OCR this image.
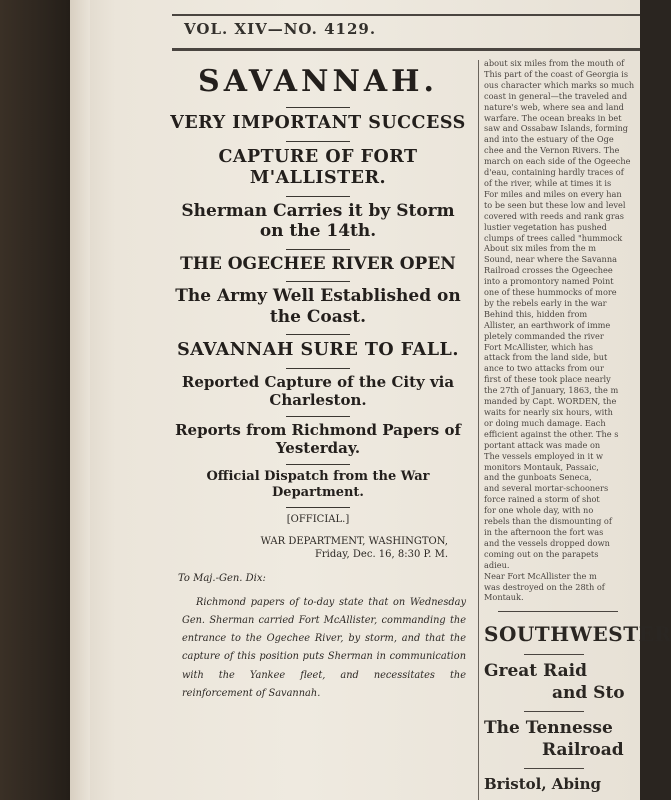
VOL. XIV—NO. 4129.

SAVANNAH.

VERY IMPORTANT SUCCESS

CAPTURE OF FORT M'ALLISTER.

Sherman Carries it by Storm on the 14th.

THE OGECHEE RIVER OPEN

The Army Well Established on the Coast.

SAVANNAH SURE TO FALL.

Reported Capture of the City via Charleston.

Reports from Richmond Papers of Yesterday.

Official Dispatch from the War Department.

[OFFICIAL.]

WAR DEPARTMENT, WASHINGTON,
Friday, Dec. 16, 8:30 P. M.

To Maj.-Gen. Dix:

Richmond papers of to-day state that on Wednesday Gen. Sherman carried Fort McAllister, commanding the entrance to the Ogechee River, by storm, and that the capture of this position puts Sherman in communication with the Yankee fleet, and necessitates the reinforcement of Savannah.

about six miles from the mouth of

This part of the coast of Georgia is

ous character which marks so much

coast in general—the traveled and

nature's web, where sea and land

warfare. The ocean breaks in bet

saw and Ossabaw Islands, forming

and into the estuary of the Oge

chee and the Vernon Rivers. The

march on each side of the Ogeeche

d'eau, containing hardly traces of

of the river, while at times it is

For miles and miles on every han

to be seen but these low and level

covered with reeds and rank gras

lustier vegetation has pushed

clumps of trees called "hummock

About six miles from the m

Sound, near where the Savanna

Railroad crosses the Ogeechee

into a promontory named Point

one of these hummocks of more

by the rebels early in the war

Behind this, hidden from

Allister, an earthwork of imme

pletely commanded the river

Fort McAllister, which has

attack from the land side, but

ance to two attacks from our

first of these took place nearly

the 27th of January, 1863, the m

manded by Capt. WORDEN, the

waits for nearly six hours, with

or doing much damage. Each

efficient against the other. The s

portant attack was made on

The vessels employed in it w

monitors Montauk, Passaic,

and the gunboats Seneca,

and several mortar-schooners

force rained a storm of shot

for one whole day, with no

rebels than the dismounting of

in the afternoon the fort was

and the vessels dropped down

coming out on the parapets

adieu.

Near Fort McAllister the m

was destroyed on the 28th of

Montauk.

SOUTHWESTER

Great Raid

and Sto

The Tennesse

Railroad

Bristol, Abing
